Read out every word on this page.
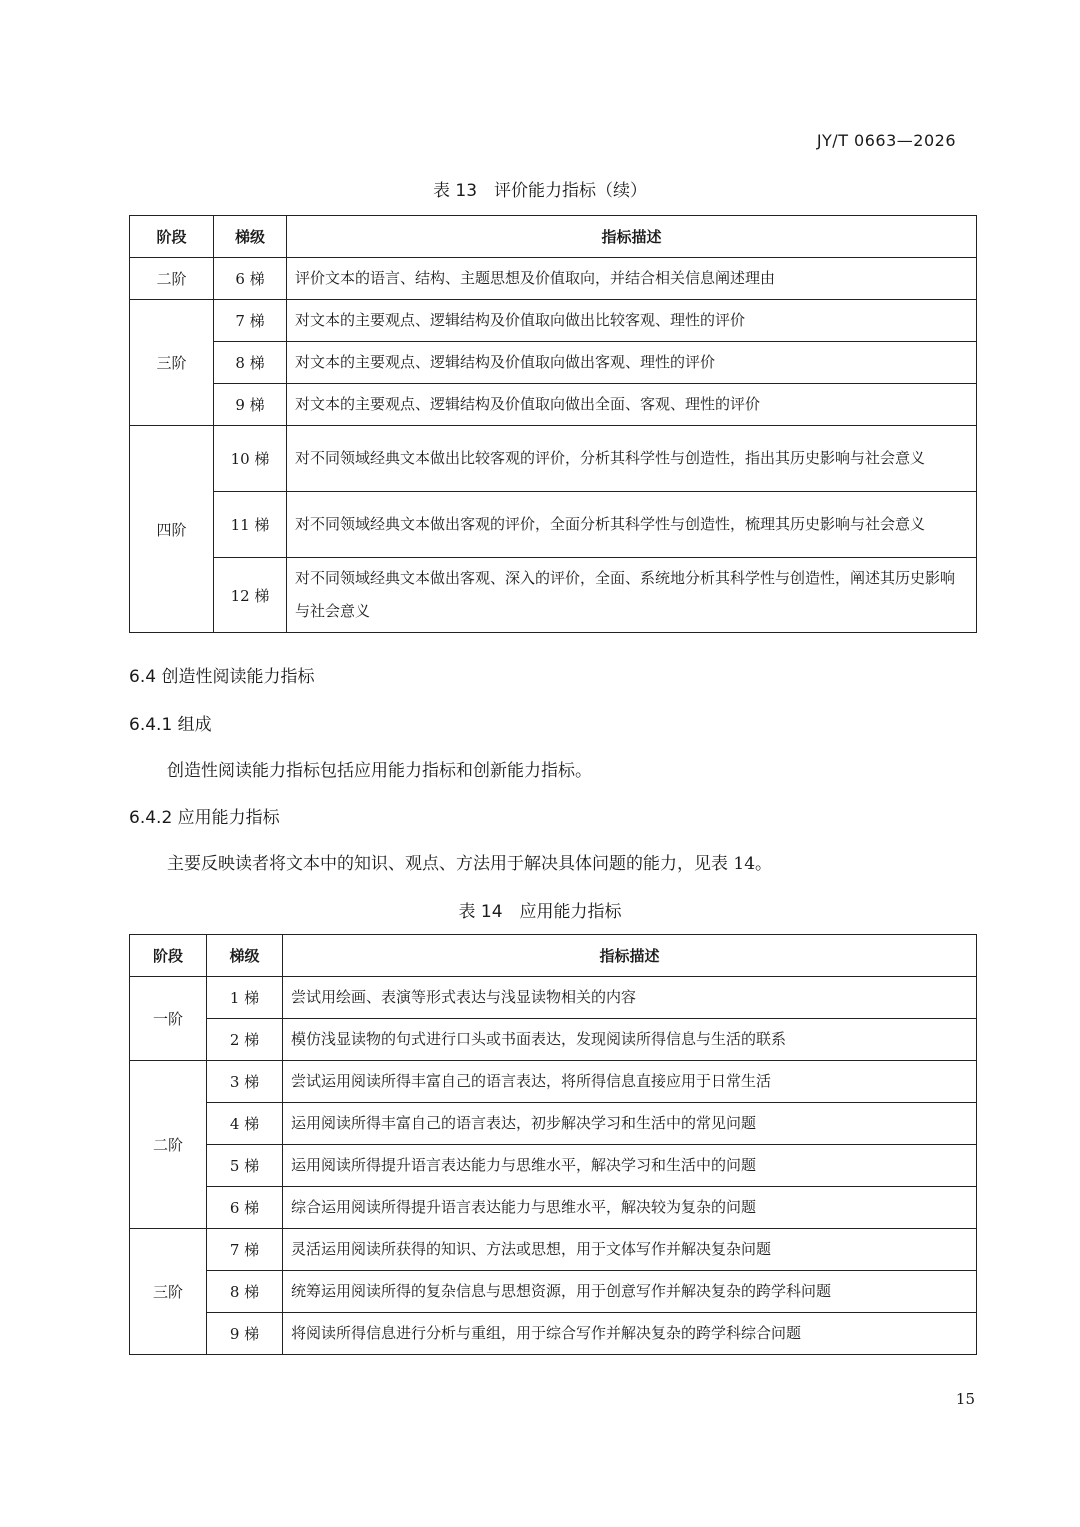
JY/T 0663—2026
表 13　评价能力指标（续）
阶段	梯级	指标描述
二阶	6 梯	评价文本的语言、结构、主题思想及价值取向，并结合相关信息阐述理由
三阶	7 梯	对文本的主要观点、逻辑结构及价值取向做出比较客观、理性的评价
	8 梯	对文本的主要观点、逻辑结构及价值取向做出客观、理性的评价
	9 梯	对文本的主要观点、逻辑结构及价值取向做出全面、客观、理性的评价
四阶	10 梯	对不同领域经典文本做出比较客观的评价，分析其科学性与创造性，指出其历史影响与社会意义
	11 梯	对不同领域经典文本做出客观的评价，全面分析其科学性与创造性，梳理其历史影响与社会意义
	12 梯	对不同领域经典文本做出客观、深入的评价，全面、系统地分析其科学性与创造性，阐述其历史影响与社会意义
6.4 创造性阅读能力指标
6.4.1 组成
创造性阅读能力指标包括应用能力指标和创新能力指标。
6.4.2 应用能力指标
主要反映读者将文本中的知识、观点、方法用于解决具体问题的能力，见表 14。
表 14　应用能力指标
阶段	梯级	指标描述
一阶	1 梯	尝试用绘画、表演等形式表达与浅显读物相关的内容
	2 梯	模仿浅显读物的句式进行口头或书面表达，发现阅读所得信息与生活的联系
二阶	3 梯	尝试运用阅读所得丰富自己的语言表达，将所得信息直接应用于日常生活
	4 梯	运用阅读所得丰富自己的语言表达，初步解决学习和生活中的常见问题
	5 梯	运用阅读所得提升语言表达能力与思维水平，解决学习和生活中的问题
	6 梯	综合运用阅读所得提升语言表达能力与思维水平，解决较为复杂的问题
三阶	7 梯	灵活运用阅读所获得的知识、方法或思想，用于文体写作并解决复杂问题
	8 梯	统筹运用阅读所得的复杂信息与思想资源，用于创意写作并解决复杂的跨学科问题
	9 梯	将阅读所得信息进行分析与重组，用于综合写作并解决复杂的跨学科综合问题
15
